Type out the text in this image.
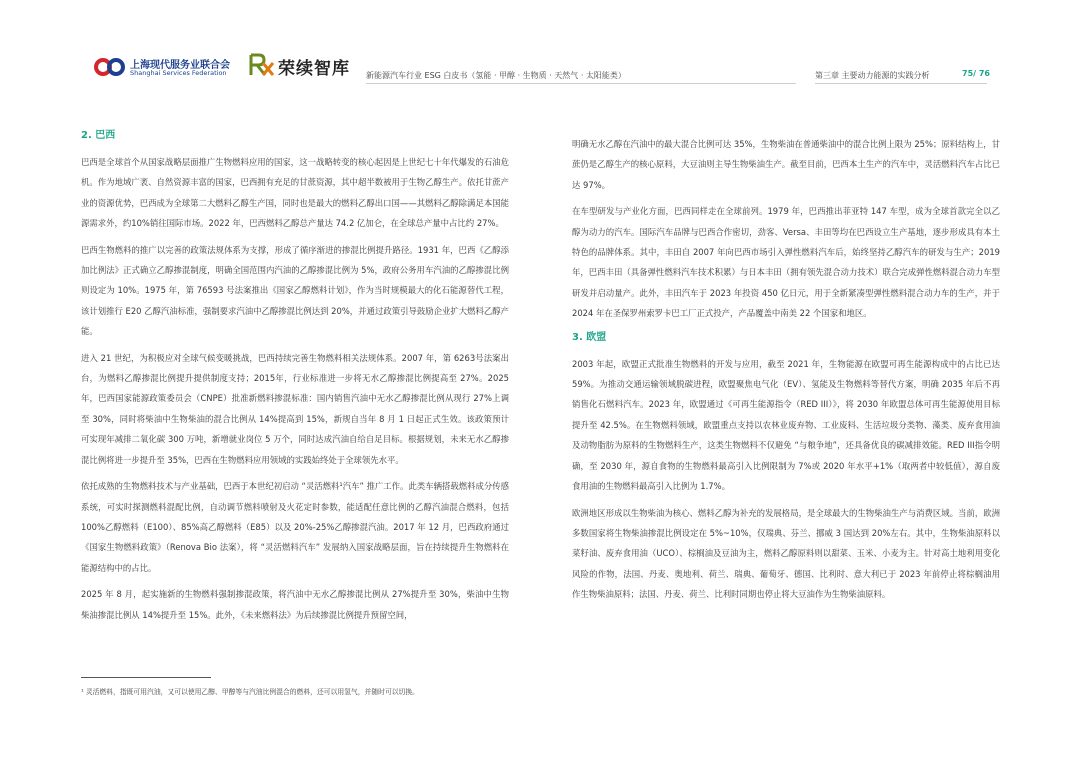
上海现代服务业联合会
Shanghai Services Federation	荣续智库 新能源汽车行业 ESG 白皮书（氢能 · 甲醇 · 生物质 · 天然气 · 太阳能类）	第三章 主要动力能源的实践分析	75/ 76
2. 巴西

巴西是全球首个从国家战略层面推广生物燃料应用的国家，这一战略转变的核心起因是上世纪七十年代爆发的石油危机。作为地域广袤、自然资源丰富的国家，巴西拥有充足的甘蔗资源，其中超半数被用于生物乙醇生产。依托甘蔗产业的资源优势，巴西成为全球第二大燃料乙醇生产国，同时也是最大的燃料乙醇出口国——其燃料乙醇除满足本国能源需求外，约10%销往国际市场。2022 年，巴西燃料乙醇总产量达 74.2 亿加仑，在全球总产量中占比约 27%。

巴西生物燃料的推广以完善的政策法规体系为支撑，形成了循序渐进的掺混比例提升路径。1931 年，巴西《乙醇添加比例法》正式确立乙醇掺混制度，明确全国范围内汽油的乙醇掺混比例为 5%，政府公务用车汽油的乙醇掺混比例则设定为 10%。1975 年，第 76593 号法案推出《国家乙醇燃料计划》，作为当时规模最大的化石能源替代工程，该计划推行 E20 乙醇汽油标准，强制要求汽油中乙醇掺混比例达到 20%，并通过政策引导鼓励企业扩大燃料乙醇产能。

进入 21 世纪，为积极应对全球气候变暖挑战，巴西持续完善生物燃料相关法规体系。2007 年，第 6263号法案出台，为燃料乙醇掺混比例提升提供制度支持；2015年，行业标准进一步将无水乙醇掺混比例提高至 27%。2025 年，巴西国家能源政策委员会（CNPE）批准新燃料掺混标准：国内销售汽油中无水乙醇掺混比例从现行 27%上调至 30%，同时将柴油中生物柴油的混合比例从 14%提高到 15%，新规自当年 8 月 1 日起正式生效。该政策预计可实现年减排二氧化碳 300 万吨，新增就业岗位 5 万个，同时达成汽油自给自足目标。根据规划，未来无水乙醇掺混比例将进一步提升至 35%，巴西在生物燃料应用领域的实践始终处于全球领先水平。

依托成熟的生物燃料技术与产业基础，巴西于本世纪初启动 “灵活燃料¹汽车” 推广工作。此类车辆搭载燃料成分传感系统，可实时探测燃料混配比例，自动调节燃料喷射及火花定时参数，能适配任意比例的乙醇汽油混合燃料，包括 100%乙醇燃料（E100）、85%高乙醇燃料（E85）以及 20%-25%乙醇掺混汽油。2017 年 12 月，巴西政府通过《国家生物燃料政策》（Renova Bio 法案），将 “灵活燃料汽车” 发展纳入国家战略层面，旨在持续提升生物燃料在能源结构中的占比。

2025 年 8 月，起实施新的生物燃料强制掺混政策，将汽油中无水乙醇掺混比例从 27%提升至 30%，柴油中生物柴油掺混比例从 14%提升至 15%。此外，《未来燃料法》为后续掺混比例提升预留空间，

明确无水乙醇在汽油中的最大混合比例可达 35%，生物柴油在普通柴油中的混合比例上限为 25%；原料结构上，甘蔗仍是乙醇生产的核心原料，大豆油则主导生物柴油生产。截至目前，巴西本土生产的汽车中，灵活燃料汽车占比已达 97%。

在车型研发与产业化方面，巴西同样走在全球前列。1979 年，巴西推出菲亚特 147 车型，成为全球首款完全以乙醇为动力的汽车。国际汽车品牌与巴西合作密切，劲客、Versa、丰田等均在巴西设立生产基地，逐步形成具有本土特色的品牌体系。其中，丰田自 2007 年向巴西市场引入弹性燃料汽车后，始终坚持乙醇汽车的研发与生产；2019 年，巴西丰田（具备弹性燃料汽车技术积累）与日本丰田（拥有领先混合动力技术）联合完成弹性燃料混合动力车型研发并启动量产。此外，丰田汽车于 2023 年投资 450 亿日元，用于全新紧凑型弹性燃料混合动力车的生产，并于 2024 年在圣保罗州索罗卡巴工厂正式投产，产品覆盖中南美 22 个国家和地区。

3. 欧盟

2003 年起，欧盟正式批准生物燃料的开发与应用，截至 2021 年，生物能源在欧盟可再生能源构成中的占比已达 59%。为推动交通运输领域脱碳进程，欧盟聚焦电气化（EV）、氢能及生物燃料等替代方案，明确 2035 年后不再销售化石燃料汽车。2023 年，欧盟通过《可再生能源指令（RED III）》，将 2030 年欧盟总体可再生能源使用目标提升至 42.5%。在生物燃料领域，欧盟重点支持以农林业废弃物、工业废料、生活垃圾分类物、藻类、废弃食用油及动物脂肪为原料的生物燃料生产，这类生物燃料不仅避免 “与粮争地”，还具备优良的碳减排效能。RED III指令明确，至 2030 年，源自食物的生物燃料最高引入比例限制为 7%或 2020 年水平+1%（取两者中较低值），源自废食用油的生物燃料最高引入比例为 1.7%。

欧洲地区形成以生物柴油为核心、燃料乙醇为补充的发展格局，是全球最大的生物柴油生产与消费区域。当前，欧洲多数国家将生物柴油掺混比例设定在 5%~10%，仅瑞典、芬兰、挪威 3 国达到 20%左右。其中，生物柴油原料以菜籽油、废弃食用油（UCO）、棕榈油及豆油为主，燃料乙醇原料则以甜菜、玉米、小麦为主。针对高土地利用变化风险的作物，法国、丹麦、奥地利、荷兰、瑞典、葡萄牙、德国、比利时、意大利已于 2023 年前停止将棕榈油用作生物柴油原料；法国、丹麦、荷兰、比利时同期也停止将大豆油作为生物柴油原料。

¹ 灵活燃料，指既可用汽油，又可以使用乙醇、甲醇等与汽油比例混合的燃料，还可以用氢气，并随时可以切换。
